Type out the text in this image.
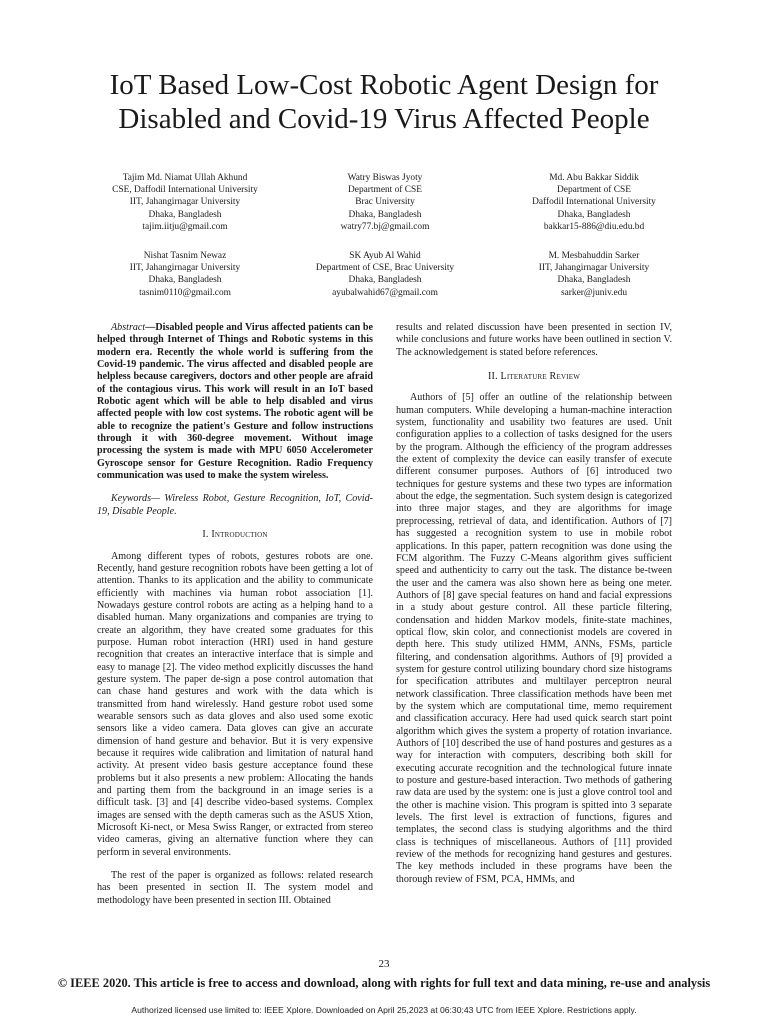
IoT Based Low-Cost Robotic Agent Design for
Disabled and Covid-19 Virus Affected People
Tajim Md. Niamat Ullah Akhund
CSE, Daffodil International University
IIT, Jahangirnagar University
Dhaka, Bangladesh
tajim.iitju@gmail.com
Watry Biswas Jyoty
Department of CSE
Brac University
Dhaka, Bangladesh
watry77.bj@gmail.com
Md. Abu Bakkar Siddik
Department of CSE
Daffodil International University
Dhaka, Bangladesh
bakkar15-886@diu.edu.bd
Nishat Tasnim Newaz
IIT, Jahangirnagar University
Dhaka, Bangladesh
tasnim0110@gmail.com
SK Ayub Al Wahid
Department of CSE, Brac University
Dhaka, Bangladesh
ayubalwahid67@gmail.com
M. Mesbahuddin Sarker
IIT, Jahangirnagar University
Dhaka, Bangladesh
sarker@juniv.edu

Abstract—Disabled people and Virus affected patients can be helped through Internet of Things and Robotic systems in this modern era. Recently the whole world is suffering from the Covid-19 pandemic. The virus affected and disabled people are helpless because caregivers, doctors and other people are afraid of the contagious virus. This work will result in an IoT based Robotic agent which will be able to help disabled and virus affected people with low cost systems. The robotic agent will be able to recognize the patient's Gesture and follow instructions through it with 360-degree movement. Without image processing the system is made with MPU 6050 Accelerometer Gyroscope sensor for Gesture Recognition. Radio Frequency communication was used to make the system wireless.

Keywords— Wireless Robot, Gesture Recognition, IoT, Covid-19, Disable People.

I. Introduction

Among different types of robots, gestures robots are one. Recently, hand gesture recognition robots have been getting a lot of attention. Thanks to its application and the ability to communicate efficiently with machines via human robot association [1]. Nowadays gesture control robots are acting as a helping hand to a disabled human. Many organizations and companies are trying to create an algorithm, they have created some graduates for this purpose. Human robot interaction (HRI) used in hand gesture recognition that creates an interactive interface that is simple and easy to manage [2]. The video method explicitly discusses the hand gesture system. The paper de-sign a pose control automation that can chase hand gestures and work with the data which is transmitted from hand wirelessly. Hand gesture robot used some wearable sensors such as data gloves and also used some exotic sensors like a video camera. Data gloves can give an accurate dimension of hand gesture and behavior. But it is very expensive because it requires wide calibration and limitation of natural hand activity. At present video basis gesture acceptance found these problems but it also presents a new problem: Allocating the hands and parting them from the background in an image series is a difficult task. [3] and [4] describe video-based systems. Complex images are sensed with the depth cameras such as the ASUS Xtion, Microsoft Ki-nect, or Mesa Swiss Ranger, or extracted from stereo video cameras, giving an alternative function where they can perform in several environments.

The rest of the paper is organized as follows: related research has been presented in section II. The system model and methodology have been presented in section III. Obtained

results and related discussion have been presented in section IV, while conclusions and future works have been outlined in section V. The acknowledgement is stated before references.

II. Literature Review

Authors of [5] offer an outline of the relationship between human computers. While developing a human-machine interaction system, functionality and usability two features are used. Unit configuration applies to a collection of tasks designed for the users by the program. Although the efficiency of the program addresses the extent of complexity the device can easily transfer of execute different consumer purposes. Authors of [6] introduced two techniques for gesture systems and these two types are information about the edge, the segmentation. Such system design is categorized into three major stages, and they are algorithms for image preprocessing, retrieval of data, and identification. Authors of [7] has suggested a recognition system to use in mobile robot applications. In this paper, pattern recognition was done using the FCM algorithm. The Fuzzy C-Means algorithm gives sufficient speed and authenticity to carry out the task. The distance be-tween the user and the camera was also shown here as being one meter. Authors of [8] gave special features on hand and facial expressions in a study about gesture control. All these particle filtering, condensation and hidden Markov models, finite-state machines, optical flow, skin color, and connectionist models are covered in depth here. This study utilized HMM, ANNs, FSMs, particle filtering, and condensation algorithms. Authors of [9] provided a system for gesture control utilizing boundary chord size histograms for specification attributes and multilayer perceptron neural network classification. Three classification methods have been met by the system which are computational time, memo requirement and classification accuracy. Here had used quick search start point algorithm which gives the system a property of rotation invariance. Authors of [10] described the use of hand postures and gestures as a way for interaction with computers, describing both skill for executing accurate recognition and the technological future innate to posture and gesture-based interaction. Two methods of gathering raw data are used by the system: one is just a glove control tool and the other is machine vision. This program is spitted into 3 separate levels. The first level is extraction of functions, figures and templates, the second class is studying algorithms and the third class is techniques of miscellaneous. Authors of [11] provided review of the methods for recognizing hand gestures and gestures. The key methods included in these programs have been the thorough review of FSM, PCA, HMMs, and

23
© IEEE 2020. This article is free to access and download, along with rights for full text and data mining, re-use and analysis
Authorized licensed use limited to: IEEE Xplore. Downloaded on April 25,2023 at 06:30:43 UTC from IEEE Xplore. Restrictions apply.
